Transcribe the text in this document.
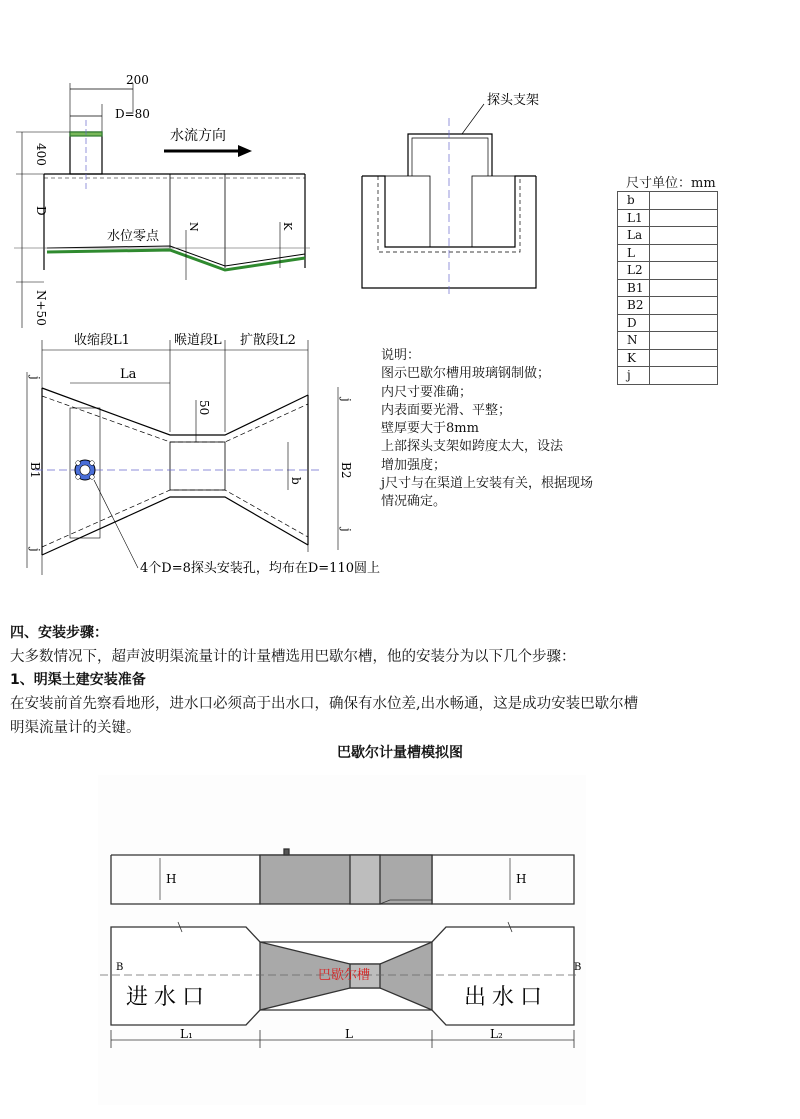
200
D=80
水流方向
400
D
N+50
水位零点
N	K
探头支架
收缩段L1	喉道段L 扩散段L2
La
50
B1	B2
b
j
j
j
j
4个D=8探头安装孔，均布在D=110圆上
尺寸单位：mm
b	
L1	
La	
L	
L2	
B1	
B2	
D	
N	
K	
j	
说明：
图示巴歇尔槽用玻璃钢制做；
内尺寸要准确；
内表面要光滑、平整；
壁厚要大于8mm
上部探头支架如跨度太大，设法
增加强度；
j尺寸与在渠道上安装有关，根据现场
情况确定。
四、安装步骤：
大多数情况下，超声波明渠流量计的计量槽选用巴歇尔槽，他的安装分为以下几个步骤：
1、明渠土建安装准备
在安装前首先察看地形，进水口必须高于出水口，确保有水位差,出水畅通，这是成功安装巴歇尔槽
明渠流量计的关键。
巴歇尔计量槽模拟图
H	H
B	B
巴歇尔槽
进水口	出水口
L₁	L	L₂
